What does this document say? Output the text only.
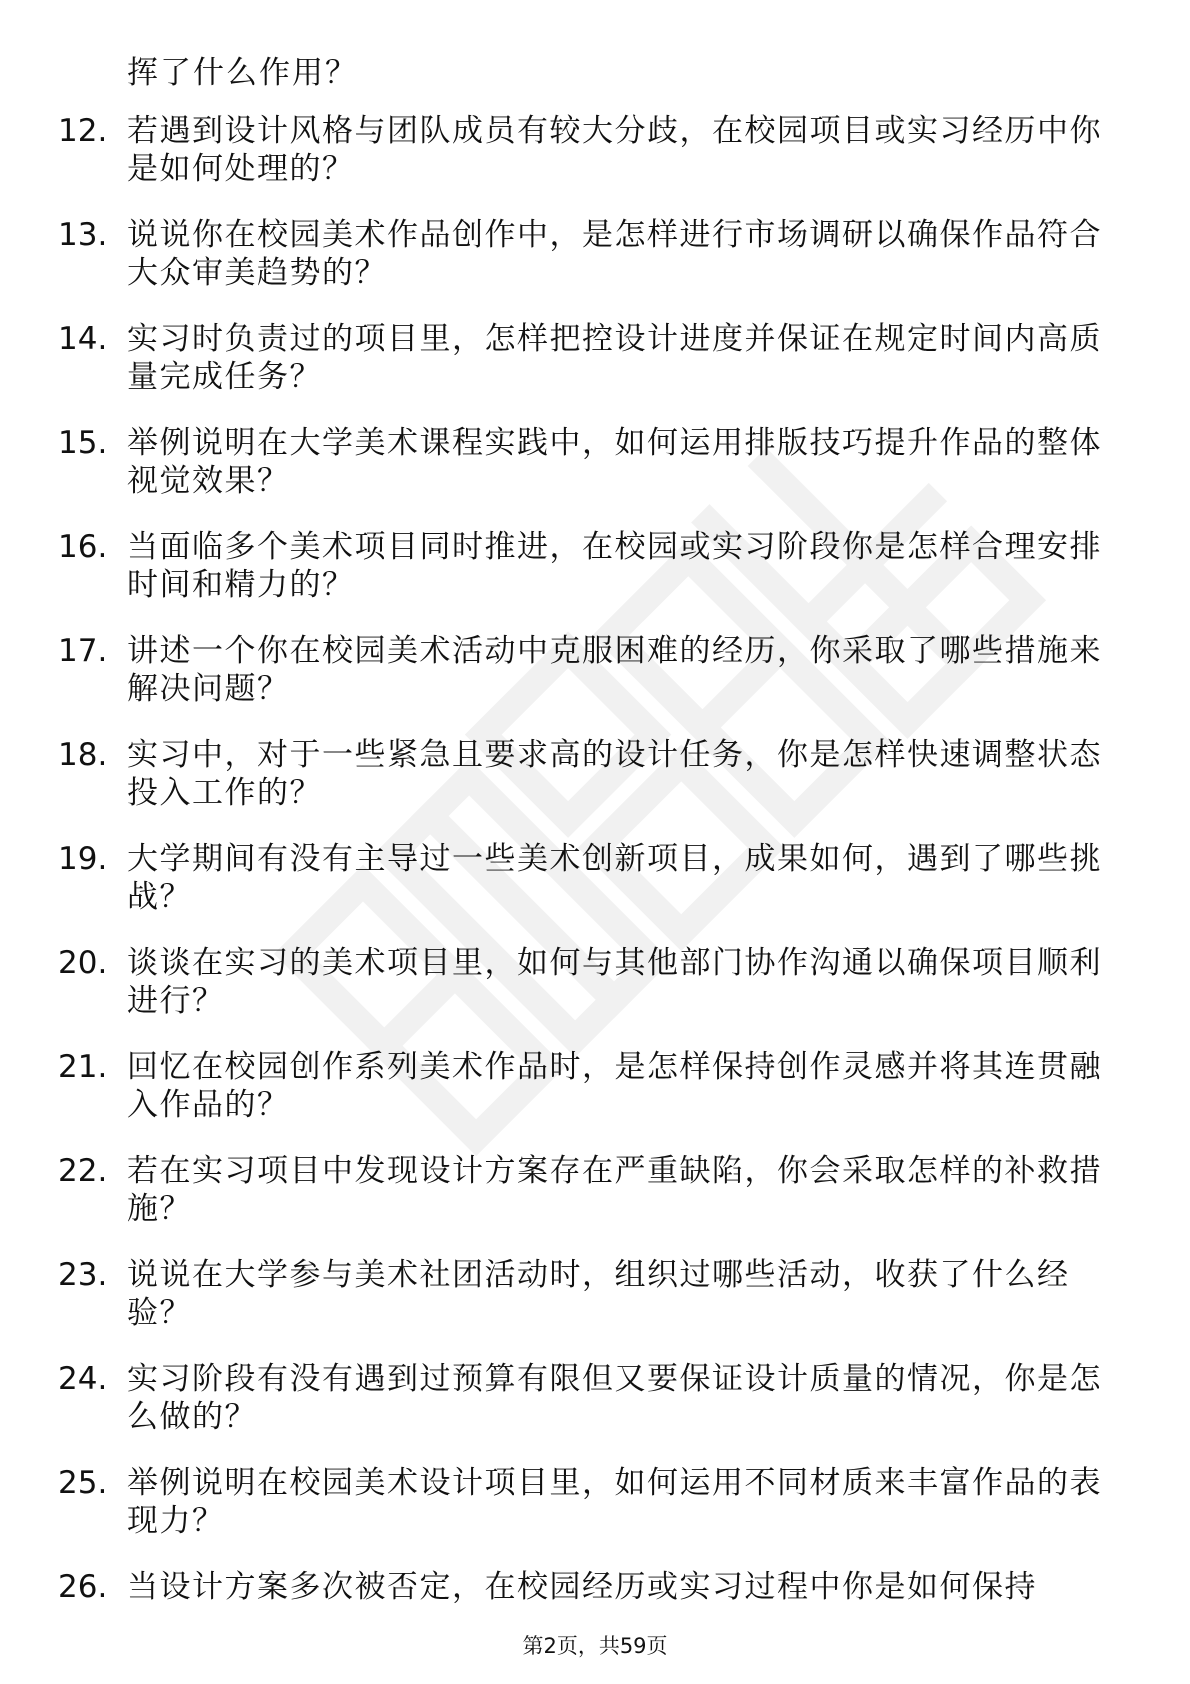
挥了什么作用？
12. 若遇到设计风格与团队成员有较大分歧，在校园项目或实习经历中你是如何处理的？
13. 说说你在校园美术作品创作中，是怎样进行市场调研以确保作品符合大众审美趋势的？
14. 实习时负责过的项目里，怎样把控设计进度并保证在规定时间内高质量完成任务？
15. 举例说明在大学美术课程实践中，如何运用排版技巧提升作品的整体视觉效果？
16. 当面临多个美术项目同时推进，在校园或实习阶段你是怎样合理安排时间和精力的？
17. 讲述一个你在校园美术活动中克服困难的经历，你采取了哪些措施来解决问题？
18. 实习中，对于一些紧急且要求高的设计任务，你是怎样快速调整状态投入工作的？
19. 大学期间有没有主导过一些美术创新项目，成果如何，遇到了哪些挑战？
20. 谈谈在实习的美术项目里，如何与其他部门协作沟通以确保项目顺利进行？
21. 回忆在校园创作系列美术作品时，是怎样保持创作灵感并将其连贯融入作品的？
22. 若在实习项目中发现设计方案存在严重缺陷，你会采取怎样的补救措施？
23. 说说在大学参与美术社团活动时，组织过哪些活动，收获了什么经验？
24. 实习阶段有没有遇到过预算有限但又要保证设计质量的情况，你是怎么做的？
25. 举例说明在校园美术设计项目里，如何运用不同材质来丰富作品的表现力？
26. 当设计方案多次被否定，在校园经历或实习过程中你是如何保持
第2页，共59页
